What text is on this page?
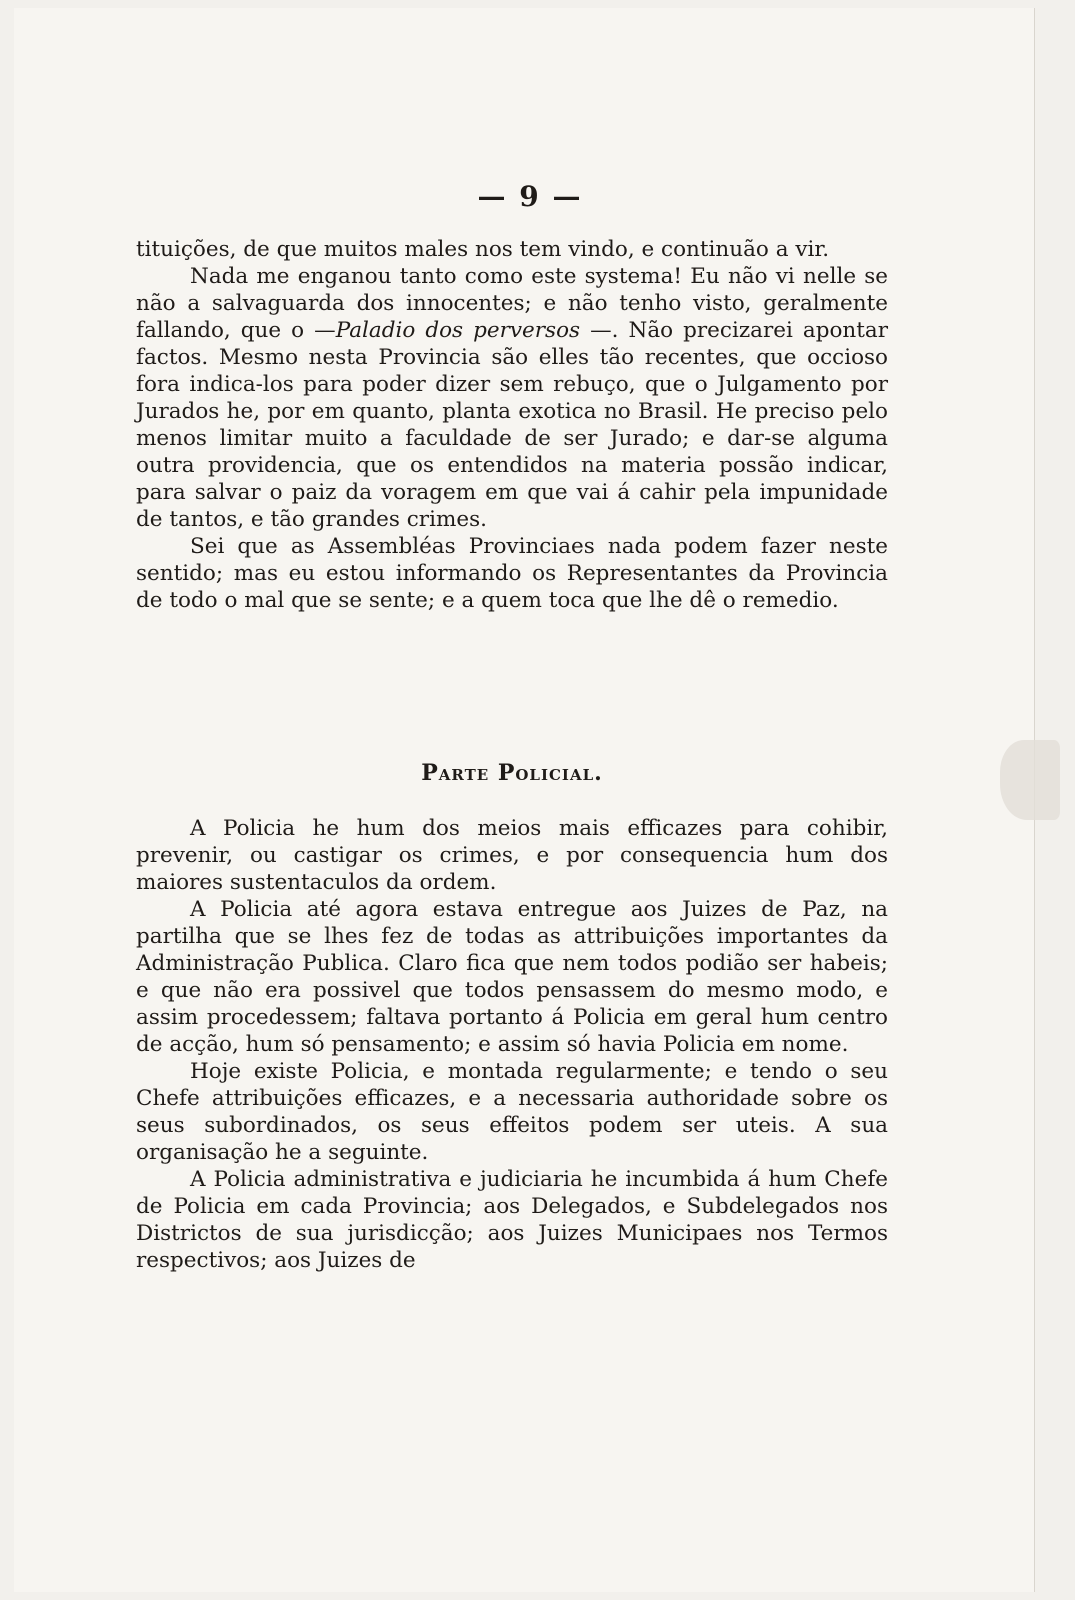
— 9 —

tituições, de que muitos males nos tem vindo, e continuão a vir.

Nada me enganou tanto como este systema! Eu não vi nelle se não a salvaguarda dos innocentes; e não tenho visto, geralmente fallando, que o —Paladio dos perversos —. Não precizarei apontar factos. Mesmo nesta Provincia são elles tão recentes, que occioso fora indica-los para poder dizer sem rebuço, que o Julgamento por Jurados he, por em quanto, planta exotica no Brasil. He preciso pelo menos limitar muito a faculdade de ser Jurado; e dar-se alguma outra providencia, que os entendidos na materia possão indicar, para salvar o paiz da voragem em que vai á cahir pela impunidade de tantos, e tão grandes crimes.

Sei que as Assembléas Provinciaes nada podem fazer neste sentido; mas eu estou informando os Representantes da Provincia de todo o mal que se sente; e a quem toca que lhe dê o remedio.

Parte Policial.

A Policia he hum dos meios mais efficazes para cohibir, prevenir, ou castigar os crimes, e por consequencia hum dos maiores sustentaculos da ordem.

A Policia até agora estava entregue aos Juizes de Paz, na partilha que se lhes fez de todas as attribuições importantes da Administração Publica. Claro fica que nem todos podião ser habeis; e que não era possivel que todos pensassem do mesmo modo, e assim procedessem; faltava portanto á Policia em geral hum centro de acção, hum só pensamento; e assim só havia Policia em nome.

Hoje existe Policia, e montada regularmente; e tendo o seu Chefe attribuições efficazes, e a necessaria authoridade sobre os seus subordinados, os seus effeitos podem ser uteis. A sua organisação he a seguinte.

A Policia administrativa e judiciaria he incumbida á hum Chefe de Policia em cada Provincia; aos Delegados, e Subdelegados nos Districtos de sua jurisdicção; aos Juizes Municipaes nos Termos respectivos; aos Juizes de
